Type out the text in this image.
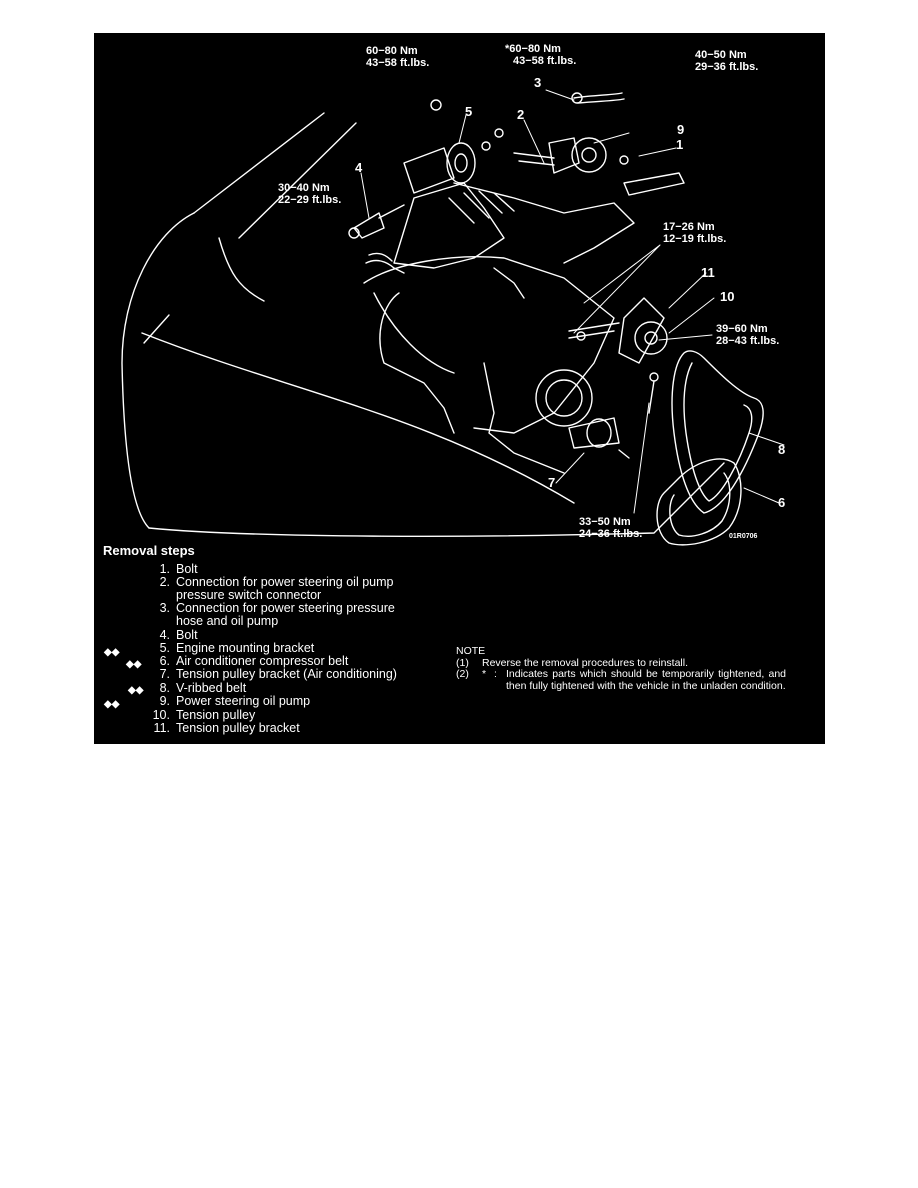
60−80 Nm
43−58 ft.lbs.
*60−80 Nm
43−58 ft.lbs.	40−50 Nm
29−36 ft.lbs.
30−40 Nm
22−29 ft.lbs.
17−26 Nm
12−19 ft.lbs.
39−60 Nm
28−43 ft.lbs.
33−50 Nm
24−36 ft.lbs.
1
2
3
4
5
6
7
8
9
10
11
01R0706
Removal steps
◆◆
◆◆
◆◆
◆◆
1. Bolt
2. Connection for power steering oil pump
pressure switch connector
3. Connection for power steering pressure
hose and oil pump
4. Bolt
5. Engine mounting bracket
6. Air conditioner compressor belt
7. Tension pulley bracket (Air conditioning)
8. V-ribbed belt
9. Power steering oil pump
10. Tension pulley
11. Tension pulley bracket
NOTE
(1)	Reverse the removal procedures to reinstall.
(2)	* : Indicates parts which should be temporarily tightened, and then fully tightened with the vehicle in the unladen condition.
